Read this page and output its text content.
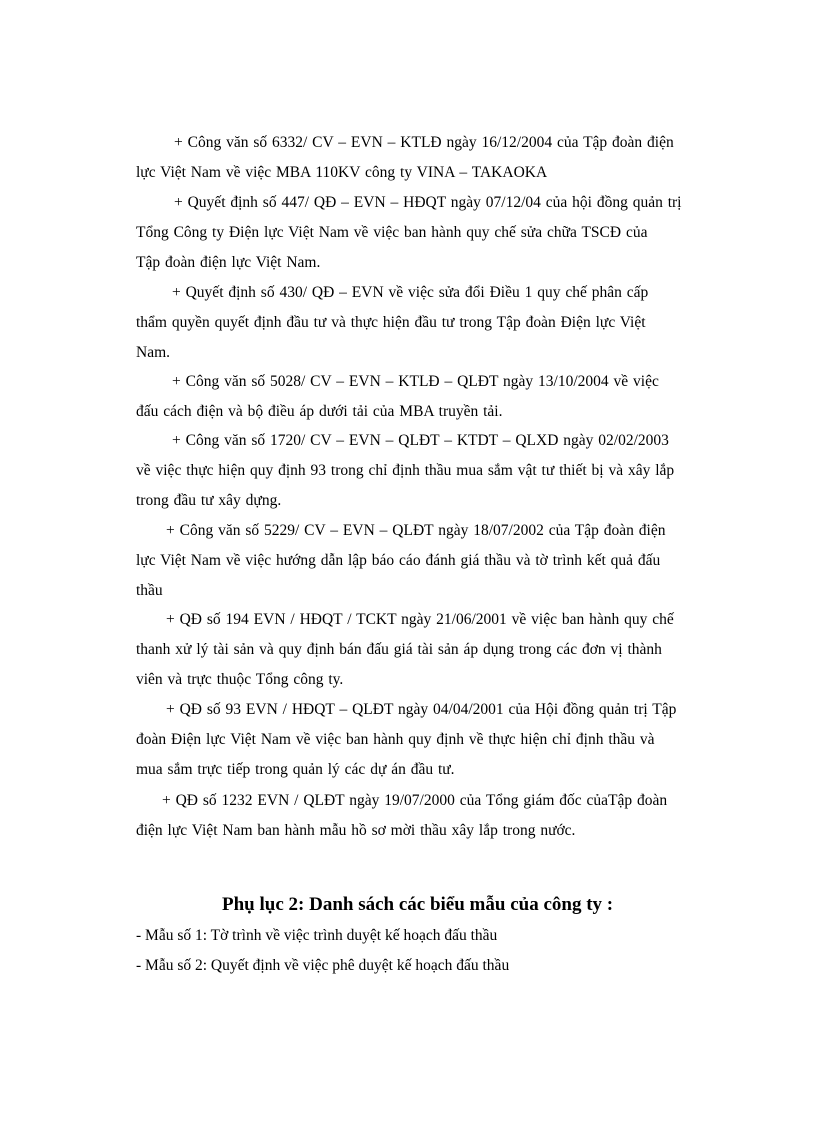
+ Công văn số 6332/ CV – EVN – KTLĐ ngày 16/12/2004 của Tập đoàn điện

lực Việt Nam về việc MBA 110KV công ty VINA – TAKAOKA

+ Quyết định số 447/ QĐ – EVN – HĐQT ngày 07/12/04 của hội đồng quản trị

Tổng Công ty Điện lực Việt Nam về việc ban hành quy chế sửa chữa TSCĐ của

Tập đoàn điện lực Việt Nam.

+ Quyết định số 430/ QĐ – EVN về việc sửa đổi Điều 1 quy chế phân cấp

thẩm quyền quyết định đầu tư và thực hiện đầu tư trong Tập đoàn Điện lực Việt

Nam.

+ Công văn số 5028/ CV – EVN – KTLĐ – QLĐT ngày 13/10/2004 về việc

đấu cách điện và bộ điều áp dưới tải của MBA truyền tải.

+ Công văn số 1720/ CV – EVN – QLĐT – KTDT – QLXD ngày 02/02/2003

về việc thực hiện quy định 93 trong chỉ định thầu mua sắm vật tư thiết bị và xây lắp

trong đầu tư xây dựng.

+ Công văn số 5229/ CV – EVN – QLĐT ngày 18/07/2002 của Tập đoàn điện

lực Việt Nam về việc hướng dẫn lập báo cáo đánh giá thầu và tờ trình kết quả đấu

thầu

+ QĐ số 194 EVN / HĐQT / TCKT ngày 21/06/2001 về việc ban hành quy chế

thanh xử lý tài sản và quy định bán đấu giá tài sản áp dụng trong các đơn vị thành

viên và trực thuộc Tổng công ty.

+ QĐ số 93 EVN / HĐQT – QLĐT ngày 04/04/2001 của Hội đồng quản trị Tập

đoàn Điện lực Việt Nam về việc ban hành quy định về thực hiện chỉ định thầu và

mua sắm trực tiếp trong quản lý các dự án đầu tư.

+ QĐ số 1232 EVN / QLĐT ngày 19/07/2000 của Tổng giám đốc củaTập đoàn

điện lực Việt Nam ban hành mẫu hồ sơ mời thầu xây lắp trong nước.

Phụ lục 2: Danh sách các biểu mẫu của công ty :
- Mẫu số 1: Tờ trình về việc trình duyệt kế hoạch đấu thầu
- Mẫu số 2: Quyết định về việc phê duyệt kế hoạch đấu thầu
